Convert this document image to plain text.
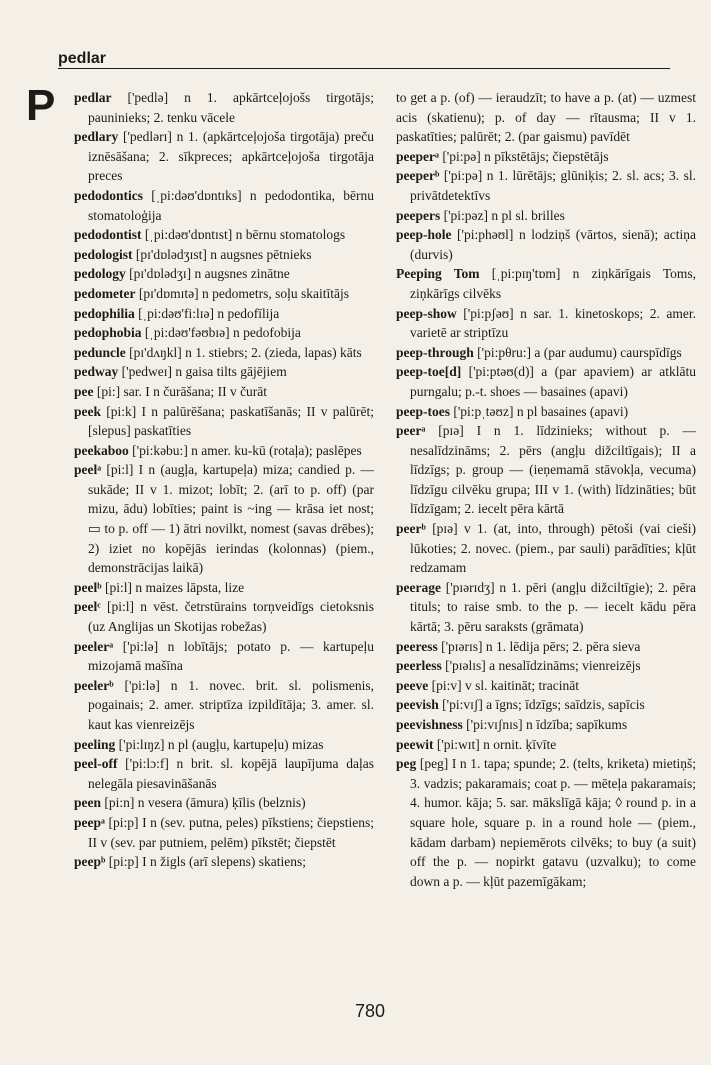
pedlar
P pedlar ['pedlə] n 1. apkārtceļojošs tirgotājs; pauninieks; 2. tenku vācele
pedlary ['pedlərɪ] n 1. (apkārtceļojoša tirgotāja) preču iznēsāšana; 2. sīkpreces; apkārtceļojoša tirgotāja preces
pedodontics [ˌpi:dəʊ'dɒntɪks] n pedodontika, bērnu stomatoloģija
pedodontist [ˌpi:dəʊ'dɒntɪst] n bērnu stomatologs
pedologist [pɪ'dɒlədʒɪst] n augsnes pētnieks
pedology [pɪ'dɒlədʒɪ] n augsnes zinātne
pedometer [pɪ'dɒmɪtə] n pedometrs, soļu skaitītājs
pedophilia [ˌpi:dəʊ'fi:lɪə] n pedofīlija
pedophobia [ˌpi:dəʊ'fəʊbɪə] n pedofobija
peduncle [pɪ'dʌŋkl] n 1. stiebrs; 2. (zieda, lapas) kāts
pedway ['pedweɪ] n gaisa tilts gājējiem
pee [pi:] sar. I n čurāšana; II v čurāt
peek [pi:k] I n palūrēšana; paskatīšanās; II v palūrēt; [slepus] paskatīties
peekaboo ['pi:kəbu:] n amer. ku-kū (rotaļa); paslēpes
peelᵃ [pi:l] I n (augļa, kartupeļa) miza; candied p. — sukāde; II v 1. mizot; lobīt; 2. (arī to p. off) (par mizu, ādu) lobīties; paint is ~ing — krāsa iet nost; ▭ to p. off — 1) ātri novilkt, nomest (savas drēbes); 2) iziet no kopējās ierindas (kolonnas) (piem., demonstrācijas laikā)
peelᵇ [pi:l] n maizes lāpsta, lize
peelᶜ [pi:l] n vēst. četrstūrains torņveidīgs cietoksnis (uz Anglijas un Skotijas robežas)
peelerᵃ ['pi:lə] n lobītājs; potato p. — kartupeļu mizojamā mašīna
peelerᵇ ['pi:lə] n 1. novec. brit. sl. polismenis, pogainais; 2. amer. striptīza izpildītāja; 3. amer. sl. kaut kas vienreizējs
peeling ['pi:lɪŋz] n pl (augļu, kartupeļu) mizas
peel-off ['pi:lɔ:f] n brit. sl. kopējā laupījuma daļas nelegāla piesavināšanās
peen [pi:n] n vesera (āmura) ķīlis (belznis)
peepᵃ [pi:p] I n (sev. putna, peles) pīkstiens; čiepstiens; II v (sev. par putniem, pelēm) pīkstēt; čiepstēt
peepᵇ [pi:p] I n žigls (arī slepens) skatiens;
to get a p. (of) — ieraudzīt; to have a p. (at) — uzmest acis (skatienu); p. of day — rītausma; II v 1. paskatīties; palūrēt; 2. (par gaismu) pavīdēt
peeperᵃ ['pi:pə] n pīkstētājs; čiepstētājs
peeperᵇ ['pi:pə] n 1. lūrētājs; glūniķis; 2. sl. acs; 3. sl. privātdetektīvs
peepers ['pi:pəz] n pl sl. brilles
peep-hole ['pi:phəʊl] n lodziņš (vārtos, sienā); actiņa (durvis)
Peeping Tom [ˌpi:pɪŋ'tɒm] n ziņkārīgais Toms, ziņkārīgs cilvēks
peep-show ['pi:pʃəʊ] n sar. 1. kinetoskops; 2. amer. varietē ar striptīzu
peep-through ['pi:pθru:] a (par audumu) caurspīdīgs
peep-toe[d] ['pi:ptəʊ(d)] a (par apaviem) ar atklātu purngalu; p.-t. shoes — basaines (apavi)
peep-toes ['pi:pˌtəʊz] n pl basaines (apavi)
peerᵃ [pɪə] I n 1. līdzinieks; without p. — nesalīdzināms; 2. pērs (angļu dižciltīgais); II a līdzīgs; p. group — (ieņemamā stāvokļa, vecuma) līdzīgu cilvēku grupa; III v 1. (with) līdzināties; būt līdzīgam; 2. iecelt pēra kārtā
peerᵇ [pɪə] v 1. (at, into, through) pētoši (vai cieši) lūkoties; 2. novec. (piem., par sauli) parādīties; kļūt redzamam
peerage ['pɪərɪdʒ] n 1. pēri (angļu dižciltīgie); 2. pēra tituls; to raise smb. to the p. — iecelt kādu pēra kārtā; 3. pēru saraksts (grāmata)
peeress ['pɪərɪs] n 1. lēdija pērs; 2. pēra sieva
peerless ['pɪəlɪs] a nesalīdzināms; vienreizējs
peeve [pi:v] v sl. kaitināt; tracināt
peevish ['pi:vɪʃ] a īgns; īdzīgs; saīdzis, sapīcis
peevishness ['pi:vɪʃnɪs] n īdzība; sapīkums
peewit ['pi:wɪt] n ornit. ķīvīte
peg [peg] I n 1. tapa; spunde; 2. (telts, kriketa) mietiņš; 3. vadzis; pakaramais; coat p. — mēteļa pakaramais; 4. humor. kāja; 5. sar. mākslīgā kāja; ◊ round p. in a square hole, square p. in a round hole — (piem., kādam darbam) nepiemērots cilvēks; to buy (a suit) off the p. — nopirkt gatavu (uzvalku); to come down a p. — kļūt pazemīgākam;
780
